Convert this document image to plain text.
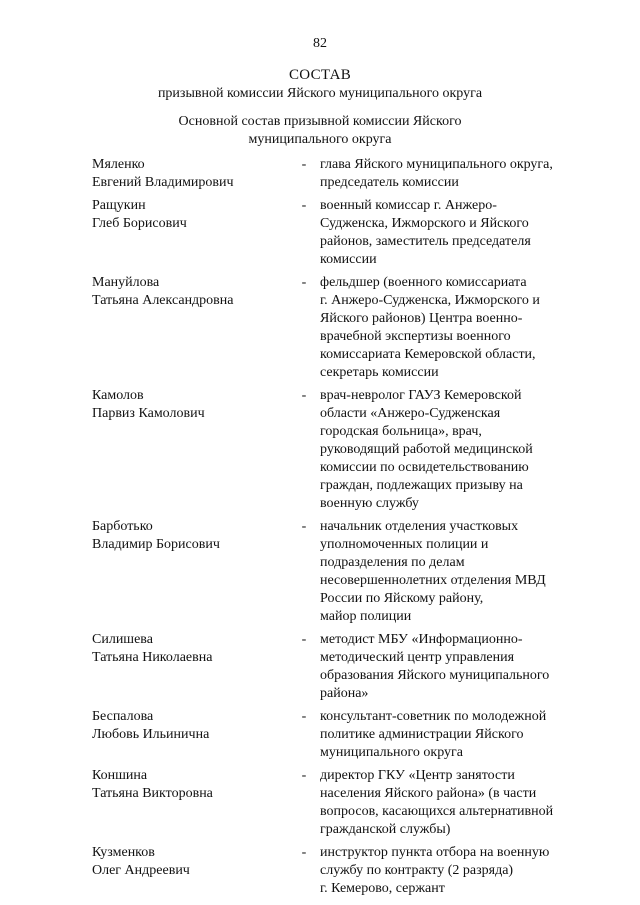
82
СОСТАВ
призывной комиссии Яйского муниципального округа
Основной состав призывной комиссии Яйского
муниципального округа
Мяленко
Евгений Владимирович
- глава Яйского муниципального округа,
председатель комиссии
Ращукин
Глеб Борисович
- военный комиссар г. Анжеро-
Судженска, Ижморского и Яйского
районов, заместитель председателя
комиссии
Мануйлова
Татьяна Александровна
- фельдшер (военного комиссариата
г. Анжеро-Судженска, Ижморского и
Яйского районов) Центра военно-
врачебной экспертизы военного
комиссариата Кемеровской области,
секретарь комиссии
Камолов
Парвиз Камолович
- врач-невролог ГАУЗ Кемеровской
области «Анжеро-Судженская
городская больница», врач,
руководящий работой медицинской
комиссии по освидетельствованию
граждан, подлежащих призыву на
военную службу
Барботько
Владимир Борисович
- начальник отделения участковых
уполномоченных полиции и
подразделения по делам
несовершеннолетних отделения МВД
России по Яйскому району,
майор полиции
Силишева
Татьяна Николаевна
- методист МБУ «Информационно-
методический центр управления
образования Яйского муниципального
района»
Беспалова
Любовь Ильинична
- консультант-советник по молодежной
политике администрации Яйского
муниципального округа
Коншина
Татьяна Викторовна
- директор ГКУ «Центр занятости
населения Яйского района» (в части
вопросов, касающихся альтернативной
гражданской службы)
Кузменков
Олег Андреевич
- инструктор пункта отбора на военную
службу по контракту (2 разряда)
г. Кемерово, сержант
